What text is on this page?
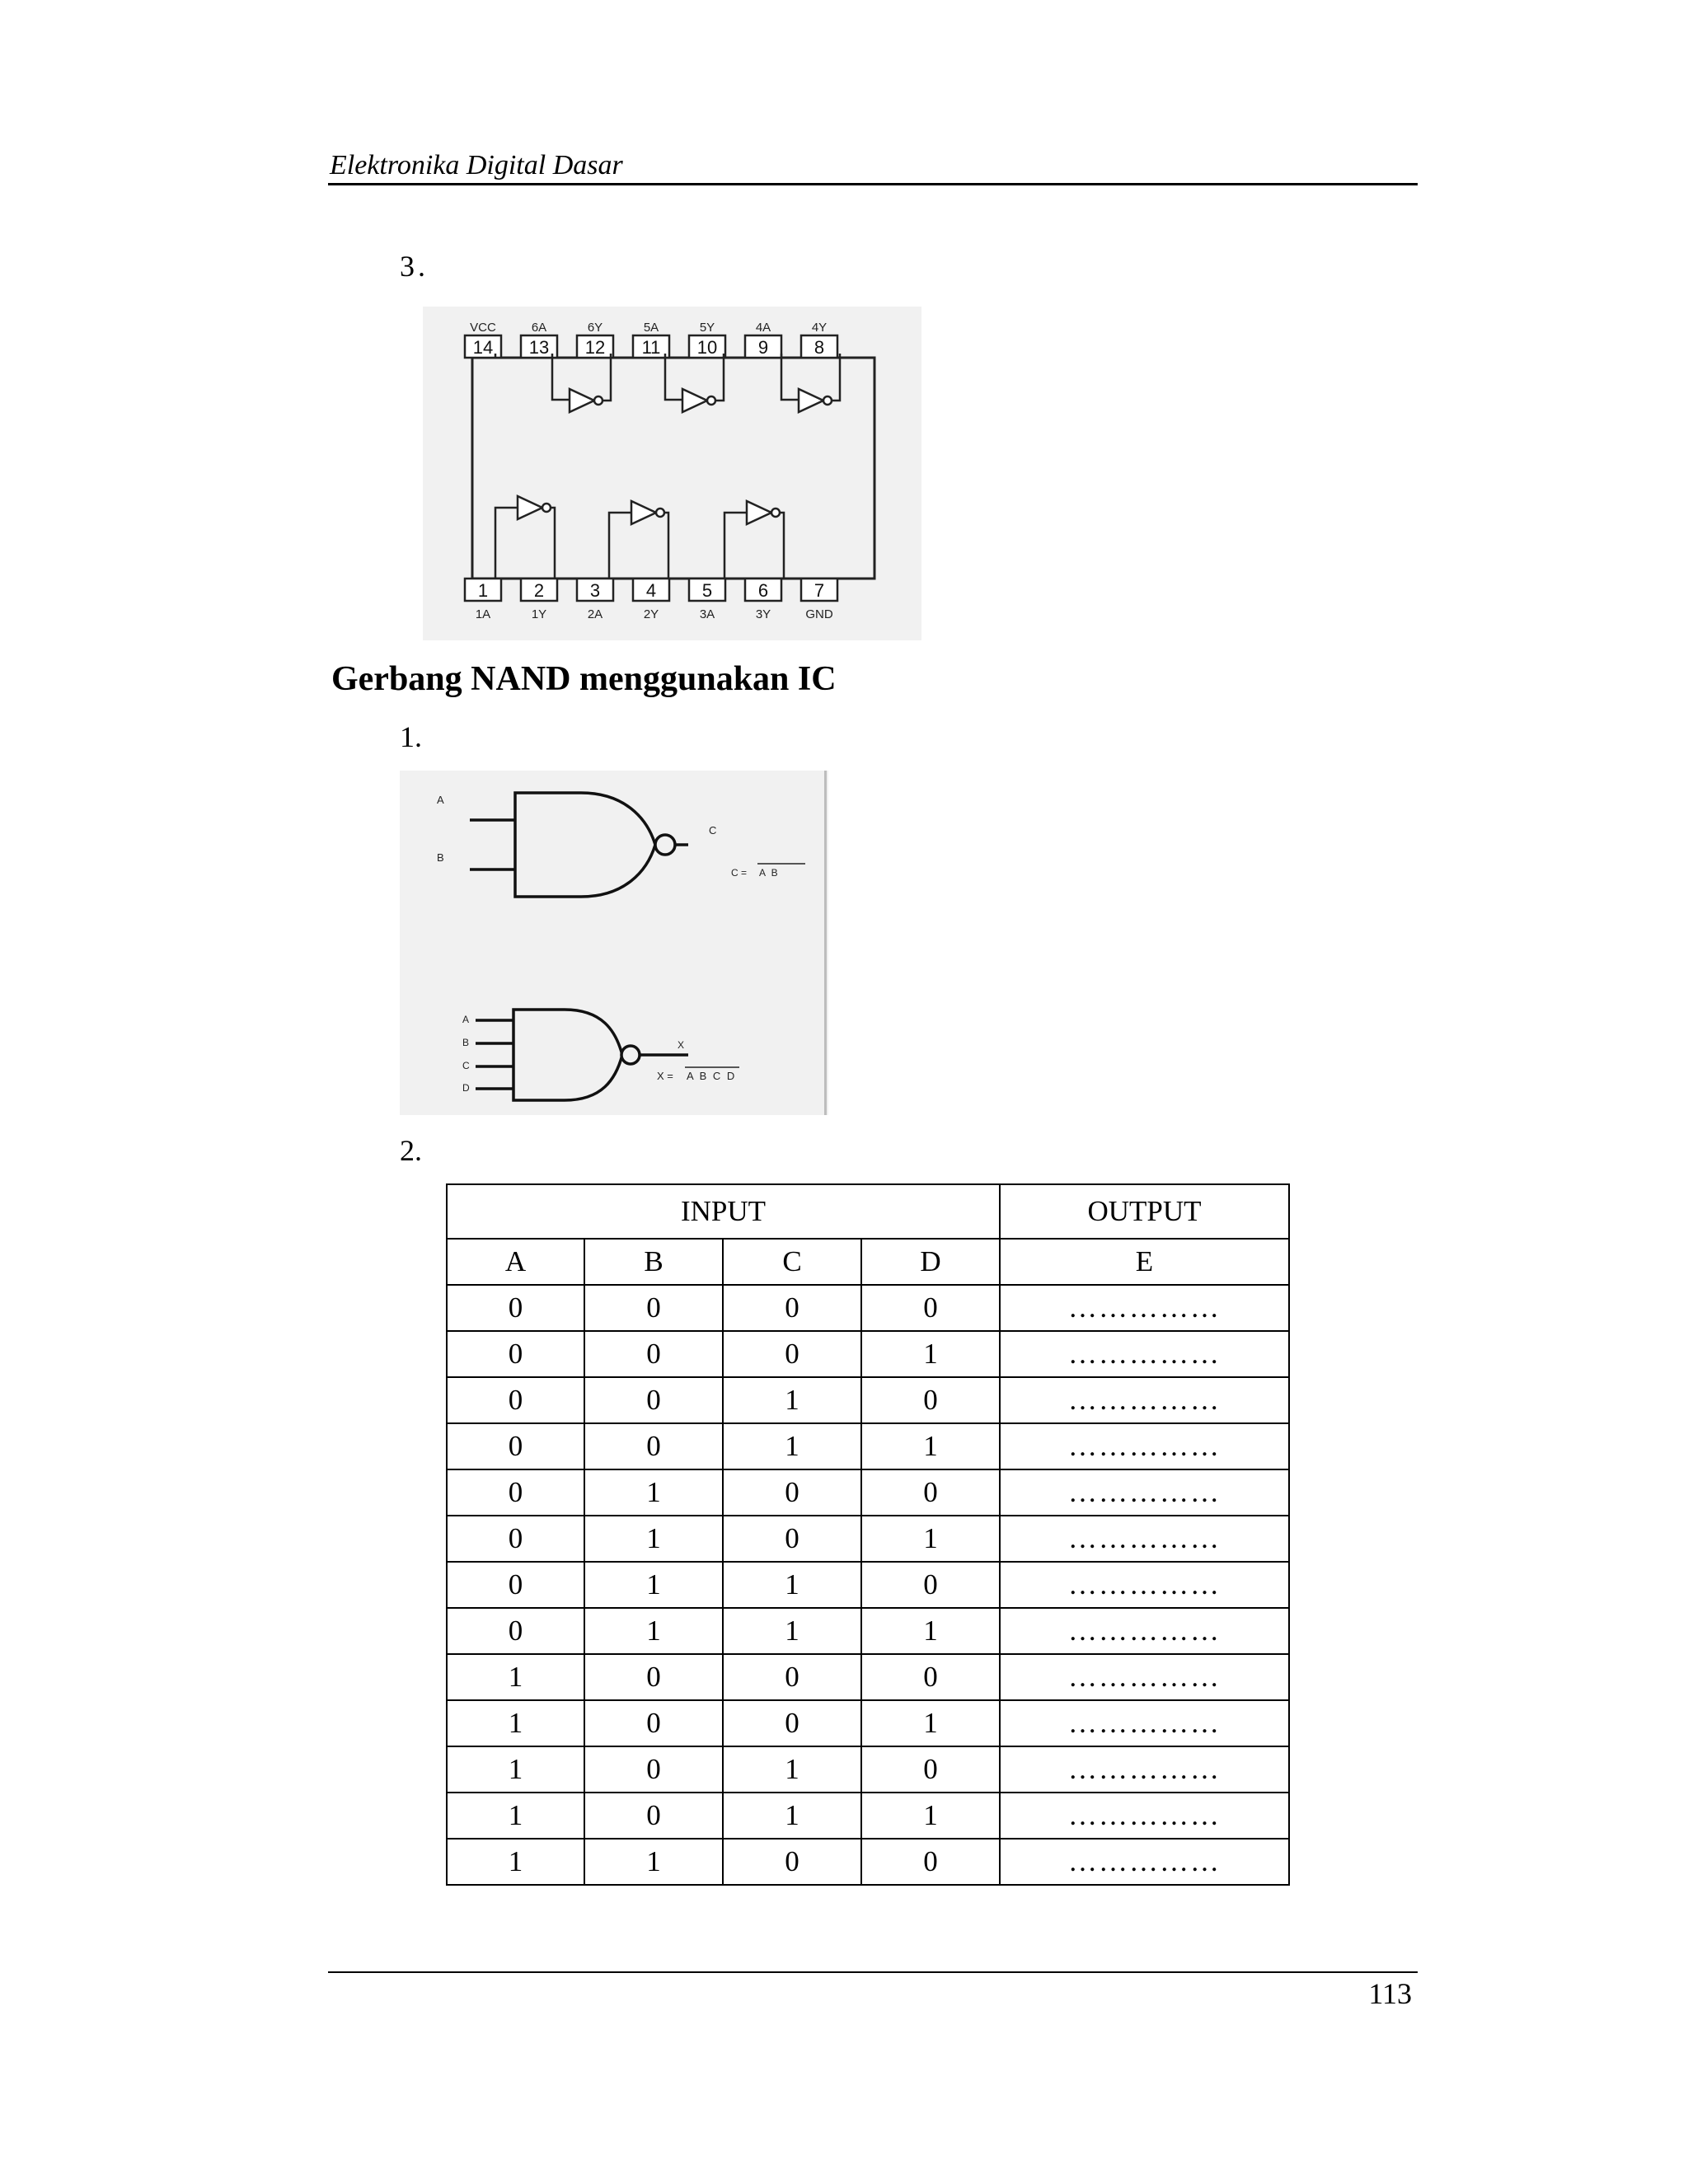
Elektronika Digital Dasar
3.
14
VCC
13
6A
12
6Y
11
5A
10
5Y
9
4A
8
4Y
1
1A
2
1Y
3
2A
4
2Y
5
3A
6
3Y
7
GND
Gerbang NAND menggunakan IC
1.
A
B
C
C = A B
A
B
C
D
X
X = A B C D
2.
INPUT				OUTPUT
A	B	C	D	E
0	0	0	0	……………
0	0	0	1	……………
0	0	1	0	……………
0	0	1	1	……………
0	1	0	0	……………
0	1	0	1	……………
0	1	1	0	……………
0	1	1	1	……………
1	0	0	0	……………
1	0	0	1	……………
1	0	1	0	……………
1	0	1	1	……………
1	1	0	0	……………
113
